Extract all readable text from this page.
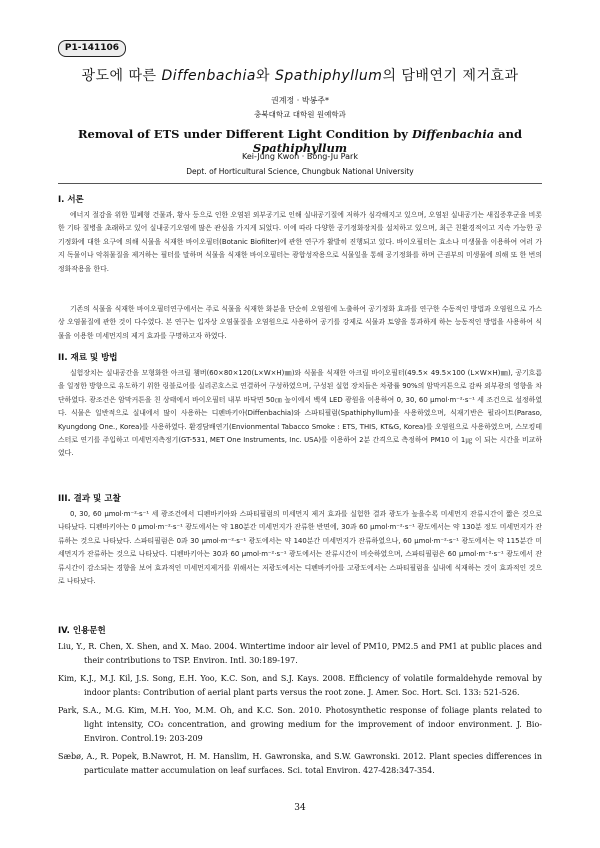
P1-141106
광도에 따른 Diffenbachia와 Spathiphyllum의 담배연기 제거효과
권계정 · 박봉주*
충북대학교 대학원 원예학과
Removal of ETS under Different Light Condition by Diffenbachia and Spathiphyllum
Kei-Jung Kwon · Bong-Ju Park
Dept. of Horticultural Science, Chungbuk National University
I. 서론

에너지 절감을 위한 밀폐형 건물과, 황사 등으로 인한 오염된 외부공기로 인해 실내공기질에 저하가 심각해지고 있으며, 오염된 실내공기는 새집증후군을 비롯한 기타 질병을 초래하고 있어 실내공기오염에 많은 관심을 가지게 되었다. 이에 따라 다양한 공기정화장치를 설치하고 있으며, 최근 친환경적이고 지속 가능한 공기정화에 대한 요구에 의해 식물을 식재한 바이오필터(Botanic Biofilter)에 관한 연구가 활발히 진행되고 있다. 바이오필터는 효소나 미생물을 이용하여 여러 가지 독물이나 악취물질을 제거하는 필터를 말하며 식물을 식재한 바이오필터는 광합성작용으로 식물잎을 통해 공기정화를 하며 근권부의 미생물에 의해 또 한 번의 정화작용을 한다.

기존의 식물을 식재한 바이오필터연구에서는 주로 식물을 식재한 화분을 단순히 오염원에 노출하여 공기정화 효과를 연구한 수동적인 방법과 오염원으로 가스상 오염물질에 관한 것이 다수였다. 본 연구는 입자상 오염물질을 오염원으로 사용하여 공기를 강제로 식물과 토양을 통과하게 하는 능동적인 방법을 사용하여 식물을 이용한 미세먼지의 제거 효과를 구명하고자 하였다.

II. 재료 및 방법

실험장치는 실내공간을 모형화한 아크릴 챔버(60×80×120(L×W×H)㎜)와 식물을 식재한 아크릴 바이오필터(49.5× 49.5×100 (L×W×H)㎜), 공기흐름을 일정한 방향으로 유도하기 위한 링블로어를 실리콘호스로 연결하여 구성하였으며, 구성된 실험 장치들은 차광률 90%의 암막커튼으로 감싸 외부광의 영향을 차단하였다. 광조건은 암막커튼을 친 상태에서 바이오필터 내부 바닥면 50㎝ 높이에서 백색 LED 광원을 이용하여 0, 30, 60 µmol·m⁻²·s⁻¹ 세 조건으로 설정하였다. 식물은 일반적으로 실내에서 많이 사용하는 디펜바키아(Diffenbachia)와 스파티필럼(Spathiphyllum)을 사용하였으며, 식재기반은 펄라이트(Paraso, Kyungdong One., Korea)를 사용하였다. 환경담배연기(Envionmental Tabacco Smoke : ETS, THIS, KT&G, Korea)를 오염원으로 사용하였으며, 스모킹테스터로 연기를 주입하고 미세먼지측정기(GT-531, MET One Instruments, Inc. USA)를 이용하여 2분 간격으로 측정하여 PM10 이 1㎍ 이 되는 시간을 비교하였다.

III. 결과 및 고찰

0, 30, 60 µmol·m⁻²·s⁻¹ 세 광조건에서 디펜바키아와 스파티필럼의 미세먼지 제거 효과를 실험한 결과 광도가 높을수록 미세먼지 잔류시간이 짧은 것으로 나타났다. 디펜바키아는 0 µmol·m⁻²·s⁻¹ 광도에서는 약 180분간 미세먼지가 잔류한 반면에, 30과 60 µmol·m⁻²·s⁻¹ 광도에서는 약 130분 정도 미세먼지가 잔류하는 것으로 나타났다. 스파티필럼은 0과 30 µmol·m⁻²·s⁻¹ 광도에서는 약 140분간 미세먼지가 잔류하였으나, 60 µmol·m⁻²·s⁻¹ 광도에서는 약 115분간 미세먼지가 잔류하는 것으로 나타났다. 디펜바키아는 30과 60 µmol·m⁻²·s⁻¹ 광도에서는 잔류시간이 비슷하였으며, 스파티필럼은 60 µmol·m⁻²·s⁻¹ 광도에서 잔류시간이 감소되는 경향을 보여 효과적인 미세먼지제거를 위해서는 저광도에서는 디펜바키아를 고광도에서는 스파티필럼을 실내에 식재하는 것이 효과적인 것으로 나타났다.

IV. 인용문헌
Liu, Y., R. Chen, X. Shen, and X. Mao. 2004. Wintertime indoor air level of PM10, PM2.5 and PM1 at public places and their contributions to TSP. Environ. Intl. 30:189-197.
Kim, K.J., M.J. Kil, J.S. Song, E.H. Yoo, K.C. Son, and S.J. Kays. 2008. Efficiency of volatile formaldehyde removal by indoor plants: Contribution of aerial plant parts versus the root zone. J. Amer. Soc. Hort. Sci. 133: 521-526.
Park, S.A., M.G. Kim, M.H. Yoo, M.M. Oh, and K.C. Son. 2010. Photosynthetic response of foliage plants related to light intensity, CO₂ concentration, and growing medium for the improvement of indoor environment. J. Bio-Environ. Control.19: 203-209
Sæbø, A., R. Popek, B.Nawrot, H. M. Hanslim, H. Gawronska, and S.W. Gawronski. 2012. Plant species differences in particulate matter accumulation on leaf surfaces. Sci. total Environ. 427-428:347-354.
34
